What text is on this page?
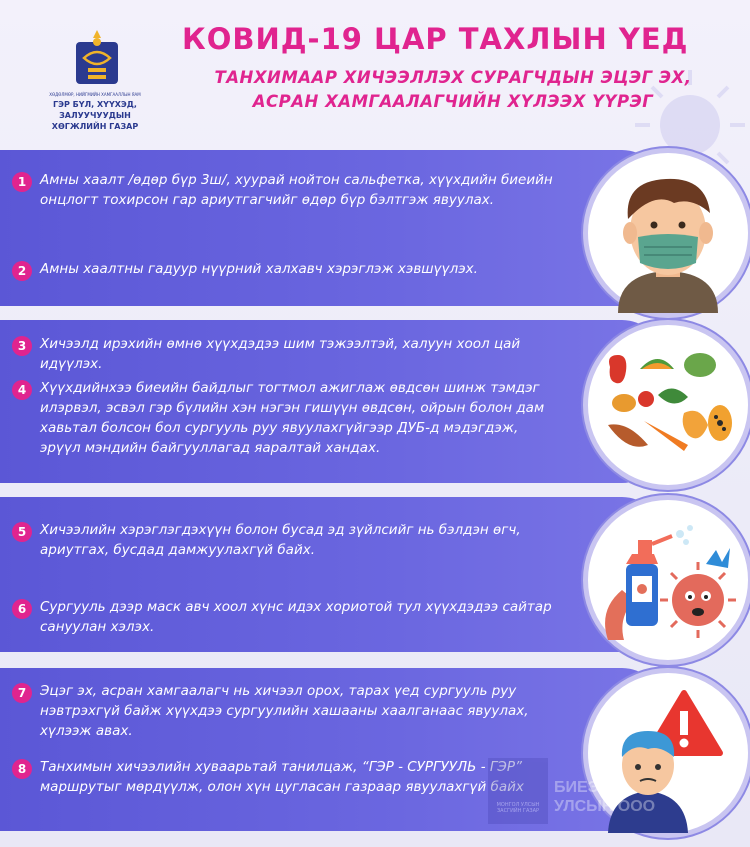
ХӨДӨЛМӨР, НИЙГМИЙН ХАМГААЛЛЫН ЯАМ
ГЭР БҮЛ, ХҮҮХЭД, ЗАЛУУЧУУДЫН
ХӨГЖЛИЙН ГАЗАР
КОВИД-19 ЦАР ТАХЛЫН ҮЕД
ТАНХИМААР ХИЧЭЭЛЛЭХ СУРАГЧДЫН ЭЦЭГ ЭХ,
АСРАН ХАМГААЛАГЧИЙН ХҮЛЭЭХ ҮҮРЭГ
1	Амны хаалт /өдөр бүр 3ш/, хуурай нойтон сальфетка, хүүхдийн биеийн онцлогт тохирсон гар ариутгагчийг өдөр бүр бэлтгэж явуулах.
2	Амны хаалтны гадуур нүүрний халхавч хэрэглэж хэвшүүлэх.
3	Хичээлд ирэхийн өмнө хүүхдэдээ шим тэжээлтэй, халуун хоол цай идүүлэх.
4	Хүүхдийнхээ биеийн байдлыг тогтмол ажиглаж өвдсөн шинж тэмдэг илэрвэл, эсвэл гэр бүлийн хэн нэгэн гишүүн өвдсөн, ойрын болон дам хавьтал болсон бол сургууль руу явуулахгүйгээр ДУБ-д мэдэгдэж, эрүүл мэндийн байгууллагад яаралтай хандах.
5	Хичээлийн хэрэглэгдэхүүн болон бусад эд зүйлсийг нь бэлдэн өгч, ариутгах, бусдад дамжуулахгүй байх.
6	Сургууль дээр маск авч хоол хүнс идэх хориотой тул хүүхдэдээ сайтар сануулан хэлэх.
7	Эцэг эх, асран хамгаалагч нь хичээл орох, тарах үед сургууль руу нэвтрэхгүй байж хүүхдээ сургуулийн хашааны хаалганаас явуулах, хүлээж авах.
8	Танхимын хичээлийн хуваарьтай танилцаж, “ГЭР - СУРГУУЛЬ - ГЭР” маршрутыг мөрдүүлж, олон хүн цугласан газраар явуулахгүй байх
МОНГОЛ УЛСЫН ЗАСГИЙН ГАЗАР
БИЕЭ
УЛСЫН ООО
